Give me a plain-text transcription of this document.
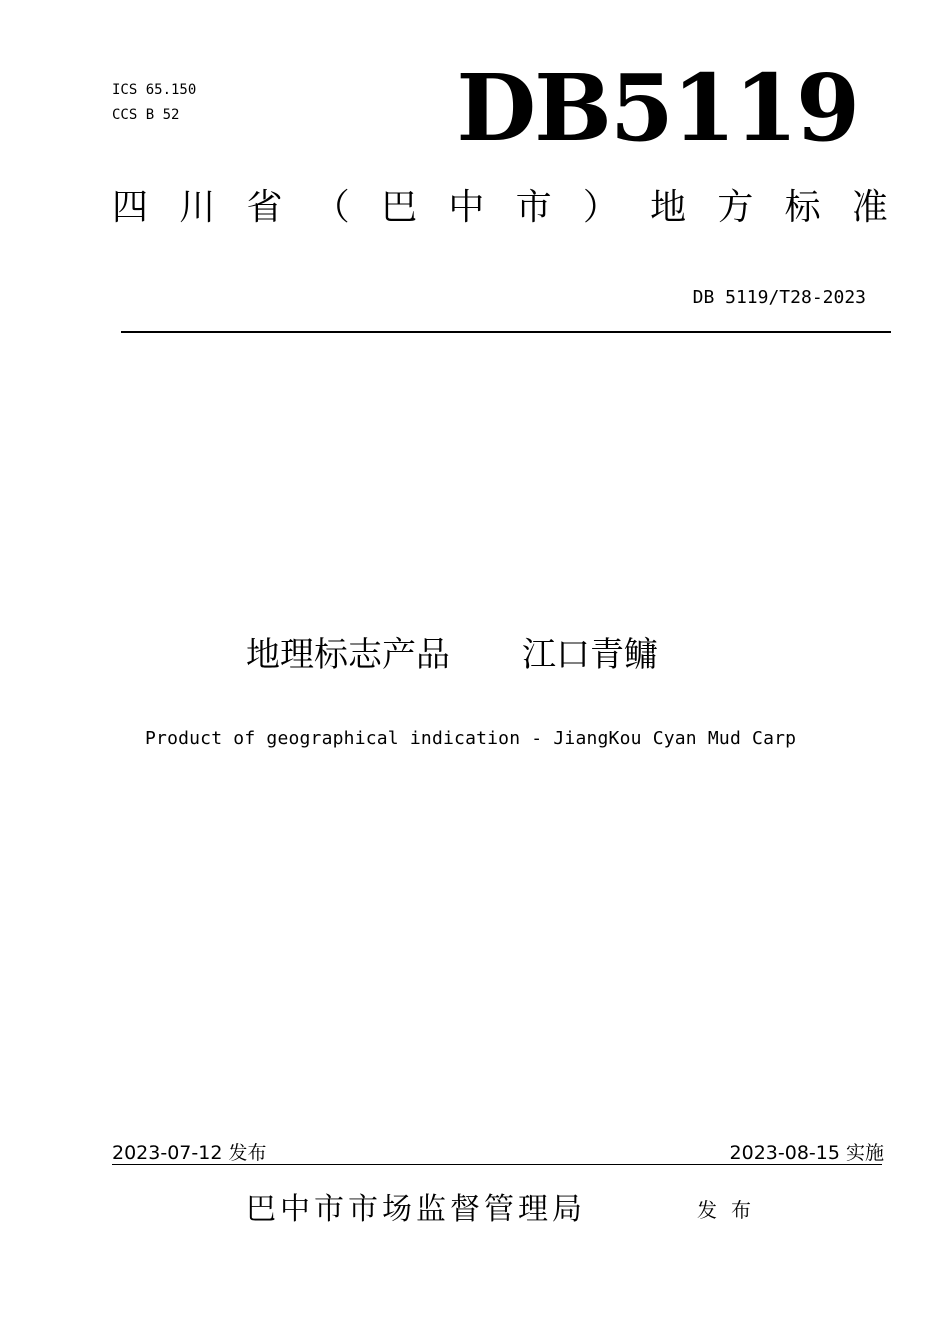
ICS 65.150
CCS B 52	DB5119
四 川 省 （ 巴 中 市 ） 地 方 标 准
DB 5119/T28-2023
地理标志产品 江口青鳙
Product of geographical indication - JiangKou Cyan Mud Carp
2023-07-12 发布	2023-08-15 实施
巴中市市场监督管理局	发布
